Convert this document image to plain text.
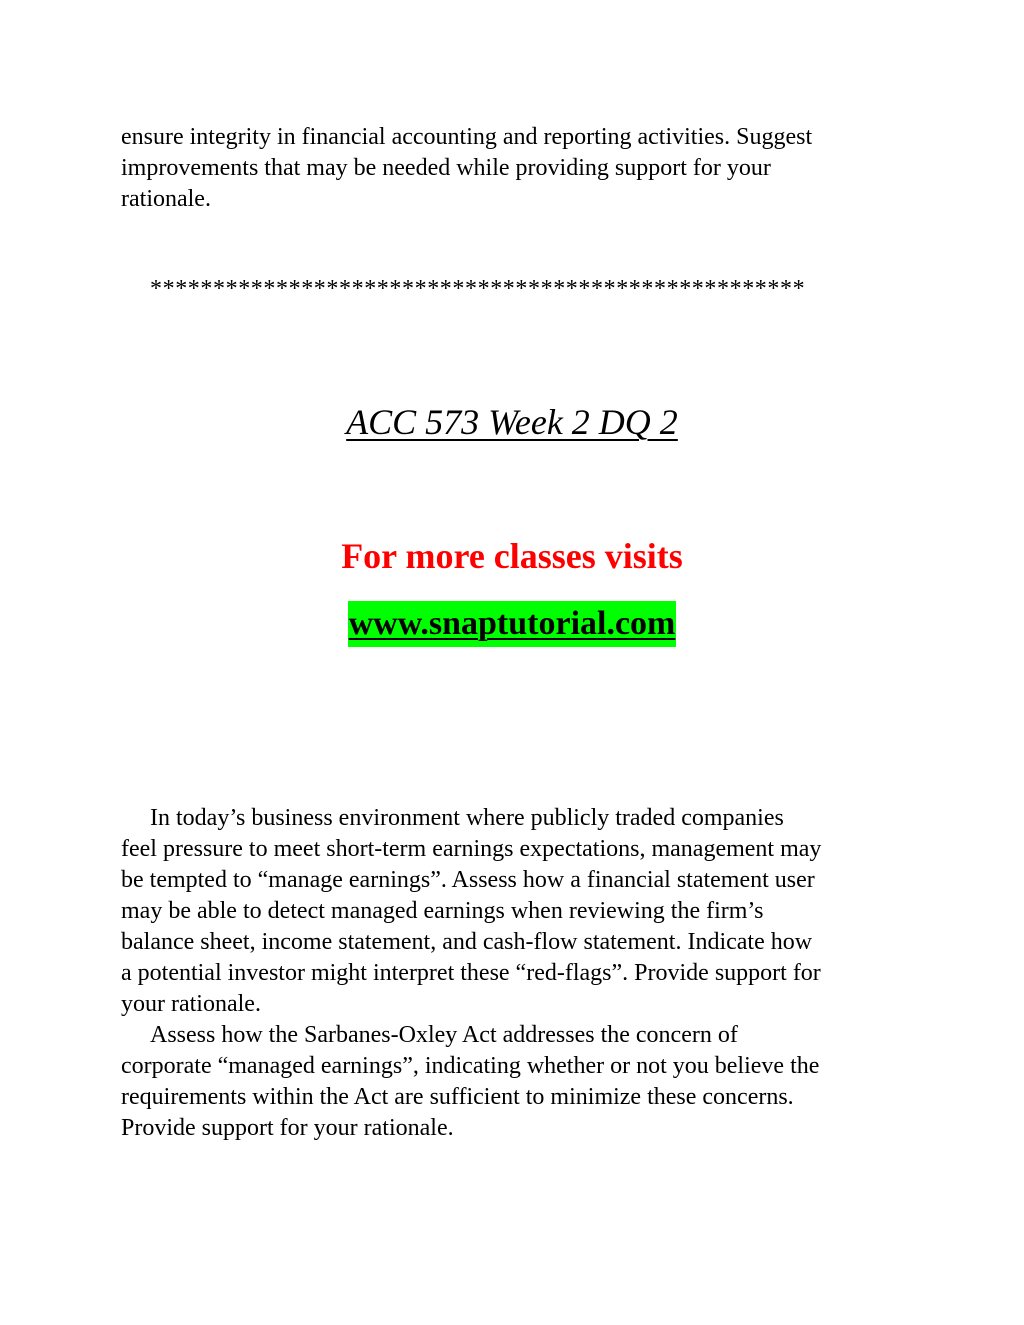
ensure integrity in financial accounting and reporting activities. Suggest
improvements that may be needed while providing support for your
rationale.
****************************************************
ACC 573 Week 2 DQ 2
For more classes visits
www.snaptutorial.com
In today’s business environment where publicly traded companies
feel pressure to meet short-term earnings expectations, management may
be tempted to “manage earnings”. Assess how a financial statement user
may be able to detect managed earnings when reviewing the firm’s
balance sheet, income statement, and cash-flow statement. Indicate how
a potential investor might interpret these “red-flags”. Provide support for
your rationale.
Assess how the Sarbanes-Oxley Act addresses the concern of
corporate “managed earnings”, indicating whether or not you believe the
requirements within the Act are sufficient to minimize these concerns.
Provide support for your rationale.
